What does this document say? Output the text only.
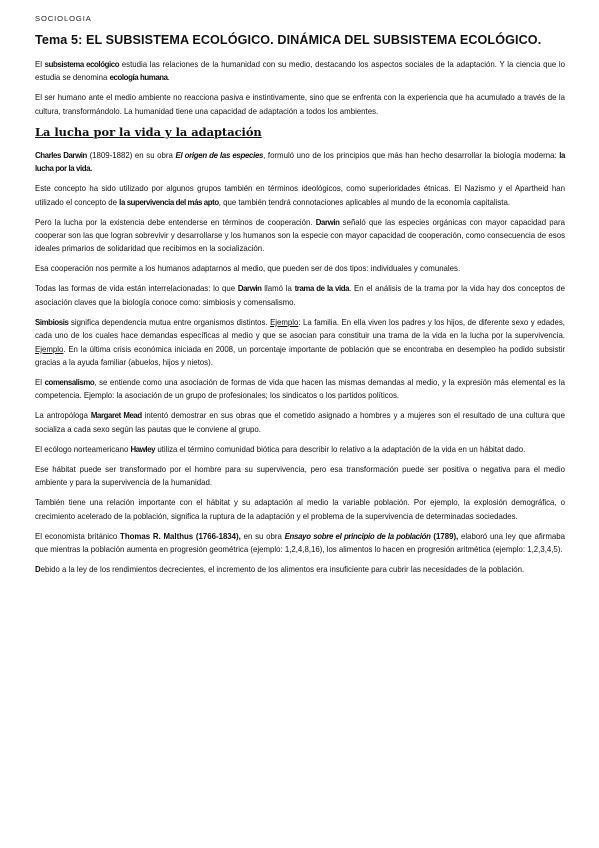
SOCIOLOGIA
Tema 5: EL SUBSISTEMA ECOLÓGICO. DINÁMICA DEL SUBSISTEMA ECOLÓGICO.

El subsistema ecológico estudia las relaciones de la humanidad con su medio, destacando los aspectos sociales de la adaptación. Y la ciencia que lo estudia se denomina ecología humana.

El ser humano ante el medio ambiente no reacciona pasiva e instintivamente, sino que se enfrenta con la experiencia que ha acumulado a través de la cultura, transformándolo. La humanidad tiene una capacidad de adaptación a todos los ambientes.

La lucha por la vida y la adaptación

Charles Darwin (1809-1882) en su obra El origen de las especies, formuló uno de los principios que más han hecho desarrollar la biología moderna: la lucha por la vida.

Este concepto ha sido utilizado por algunos grupos también en términos ideológicos, como superioridades étnicas. El Nazismo y el Apartheid han utilizado el concepto de la supervivencia del más apto, que también tendrá connotaciones aplicables al mundo de la economía capitalista.

Pero la lucha por la existencia debe entenderse en términos de cooperación. Darwin señaló que las especies orgánicas con mayor capacidad para cooperar son las que logran sobrevivir y desarrollarse y los humanos son la especie con mayor capacidad de cooperación, como consecuencia de esos ideales primarios de solidaridad que recibimos en la socialización.

Esa cooperación nos permite a los humanos adaptarnos al medio, que pueden ser de dos tipos: individuales y comunales.

Todas las formas de vida están interrelacionadas: lo que Darwin llamó la trama de la vida. En el análisis de la trama por la vida hay dos conceptos de asociación claves que la biología conoce como: simbiosis y comensalismo.

Simbiosis significa dependencia mutua entre organismos distintos. Ejemplo: La familia. En ella viven los padres y los hijos, de diferente sexo y edades, cada uno de los cuales hace demandas específicas al medio y que se asocian para constituir una trama de la vida en la lucha por la supervivencia. Ejemplo. En la última crisis económica iniciada en 2008, un porcentaje importante de población que se encontraba en desempleo ha podido subsistir gracias a la ayuda familiar (abuelos, hijos y nietos).

El comensalismo, se entiende como una asociación de formas de vida que hacen las mismas demandas al medio, y la expresión más elemental es la competencia. Ejemplo: la asociación de un grupo de profesionales; los sindicatos o los partidos políticos.

La antropóloga Margaret Mead intentó demostrar en sus obras que el cometido asignado a hombres y a mujeres son el resultado de una cultura que socializa a cada sexo según las pautas que le conviene al grupo.

El ecólogo norteamericano Hawley utiliza el término comunidad biótica para describir lo relativo a la adaptación de la vida en un hábitat dado.

Ese hábitat puede ser transformado por el hombre para su supervivencia, pero esa transformación puede ser positiva o negativa para el medio ambiente y para la supervivencia de la humanidad.

También tiene una relación importante con el hábitat y su adaptación al medio la variable población. Por ejemplo, la explosión demográfica, o crecimiento acelerado de la población, significa la ruptura de la adaptación y el problema de la supervivencia de determinadas sociedades.

El economista británico Thomas R. Malthus (1766-1834), en su obra Ensayo sobre el principio de la población (1789), elaboró una ley que afirmaba que mientras la población aumenta en progresión geométrica (ejemplo: 1,2,4,8,16), los alimentos lo hacen en progresión aritmética (ejemplo: 1,2,3,4,5).

Debido a la ley de los rendimientos decrecientes, el incremento de los alimentos era insuficiente para cubrir las necesidades de la población.
